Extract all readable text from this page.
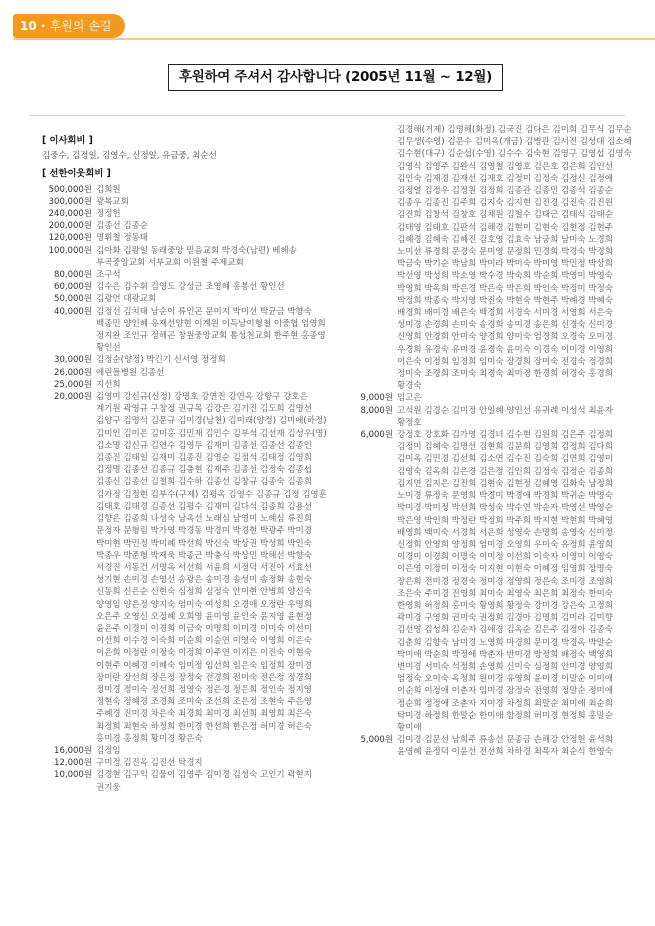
10 · 후원의 손길
후원하여 주셔서 감사합니다 (2005년 11월 ~ 12월)
[ 이사회비 ]
김중수, 김정일, 김영수, 신정일, 유금중, 최순선
[ 선한이웃회비 ]
500,000원 김희원
300,000원 광복교회
240,000원 정정헌
200,000원 김종선 김종순
120,000원 명휘철 정동태
100,000원 김아화 김왕일 동래중앙 믿음교회 박경숙(남편) 베헤송 부곡중앙교회 서부교회 이원철 주제교회
80,000원 조구석
60,000원 김수은 김수휘 김영도 강성근 조영혜 홍봉선 황인선
50,000원 김광언 대광교회
40,000원 김정선 김치태 남순이 류인곤 문미지 박미선 박균금 박향숙 백종민 양인혜 유재선양현 이계원 이득남이형철 이중협 임영희 정지완 조인규 정해곤 창원중앙교회 톰성천교회 한주현 홍종영 황인선
30,000원 김정순(양정) 박긴기 신서영 정정희
26,000원 에린들병원 김종선
25,000원 지선희
20,000원 김영미 강신규(신정) 강명호 강연진 강연옥 강향구 강호은 계기원 곽영규 구창정 권규목 김강은 김기진 김도희 김명선 김양구 김명석 김문규 김미경(남천) 김미래(양정) 김미애(하정) 김미인 김미은 김미홍 김민재 김민수 김부석 김선재 김성우(명) 김소명 김신규 김연수 김영두 김재미 김종선 김종선 김종인 김종진 김태일 김재미 김종진 김영순 김점석 김태정 김영희 김정명 김종선 김종규 김충현 김재주 김종선 김정숙 김종섭 김종신 김종선 김철희 김수하 김종선 김창규 김종숙 김종희 김가정 김정현 김부수(구제) 김평옥 김영수 김종규 김정 김영훈 김태호 김태경 김종선 김평수 김재미 김다석 김종희 김용선 김향은 김종희 나성숙 남옥선 노래심 남영미 노혜심 류진희 문정자 문형림 박가영 박경동 박경미 박경현 박광주 박미경 박미현 박민정 박미혜 박선희 박신숙 박상권 박성희 박인숙 박종우 박준형 박재욱 박종근 박충식 박상민 박해선 박향숙 서경진 서동건 서명옥 서선희 서윤희 서정덕 서진아 서효선 성기현 손미경 손영선 송광은 송미경 송성미 송정화 송현숙 신동희 신은순 신현숙 심정희 심정숙 안미현 안병희 양신숙 양영임 양은정 양지숙 엄미숙 여성희 오경애 오정란 우명희 오은주 오영신 오정혜 오희영 윤미영 윤인숙 윤지영 윤현정 윤은주 이경미 이경희 이금숙 이명희 이미경 이미숙 이선미 이선희 이수경 이숙희 이순희 이승연 이영숙 이영희 이은숙 이은희 이정란 이정숙 이정희 이주연 이지은 이진숙 이현숙 이현주 이혜경 이혜숙 임미정 임선희 임은숙 임정희 장미경 장미란 장선희 장은정 장정숙 전경희 전미숙 전은정 정경희 정미경 정미숙 정선희 정영숙 정은경 정은희 정인숙 정지영 정현숙 정혜경 조경희 조미숙 조선희 조은정 조현숙 주은영 주혜경 진미경 차은숙 최경희 최미경 최선희 최영희 최은숙 최정희 최현숙 하정희 한미경 한선희 한은정 허미경 허은숙 홍미경 홍정희 황미경 황은숙
16,000원 김정임
12,000원 구미정 김진옥 김진선 탁경지
10,000원 김경현 김구익 김물이 김영주 김미경 김성숙 고인기 곽현지 권기웅
김경해(거제) 김명해(화정) 김국진 김다은 김미희 김무식 김무순 김무생(수영) 김문수 김미옥(개금) 김병관 김서진 김성대 김소혜 김수현(대구) 김순섭(수영) 김수수 김숙현 김영구 김영섭 김영숙 김영식 김영주 김완식 김영철 김영호 김은호 김은희 김인선 김인숙 김재경 김재선 김재호 김정미 김정숙 김정신 김정애 김정열 김정우 김정원 김정희 김종관 김종민 김종석 김종순 김종우 김종진 김주희 김지숙 김지현 김진경 김진숙 김진원 김진희 김창석 김창호 김채원 김철수 김태근 김태식 김태순 김태영 김태호 김판석 김해경 김현미 김현숙 김현정 김현주 김혜경 김혜숙 김혜진 김호영 김효숙 남궁희 남미숙 노경희 노미선 류경희 문경숙 문미영 문정희 민경희 박경숙 박경희 박금숙 박기순 박남희 박미라 박미숙 박미영 박민정 박상희 박선영 박성희 박소영 박수경 박숙희 박순희 박영미 박영숙 박영희 박옥희 박은경 박은숙 박은희 박인숙 박정미 박정숙 박정희 박종숙 박지영 박진숙 박현숙 박현주 박혜경 박혜숙 배경희 배미경 배은숙 백경희 서경숙 서미경 서영희 서은숙 성미경 손경희 손미숙 송경희 송미경 송은희 신경숙 신미경 신영희 안경희 안미숙 양경희 양미숙 엄경희 오경숙 오미경 우경희 유경숙 유미경 윤경숙 윤미숙 이경숙 이미경 이영희 이은숙 이정희 임경희 임미숙 장경희 장미숙 전경숙 정경희 정미숙 조경희 조미숙 최경숙 최미경 한경희 허경숙 홍경희 황경숙
9,000원 임고은
8,000원 고석원 김경순 김미정 안일혜 양인선 유귀례 이성석 최윤자 황정호
6,000원 강정호 강호화 김가영 김경녀 김수현 김원희 김은주 김정희 김정미 김혜숙 김명선 김현희 김문희 김영희 김정희 김다희 김미옥 김민경 김선희 김소연 김수진 김숙희 김연희 김영미 김영숙 김옥희 김은경 김은정 김인희 김정숙 김정순 김종희 김지연 김지은 김진희 김현숙 김현정 김혜영 김화숙 남정희 노미경 류정숙 문영희 박경미 박경애 박경희 박귀순 박명숙 박미경 박미정 박선희 박성숙 박수연 박순자 박영선 박영순 박은영 박인희 박정란 박정희 박주희 박지현 박현희 박혜영 배영희 백미숙 서경희 서은희 성영숙 손명희 송영숙 신미정 신정희 안영희 양정희 엄미경 오영희 우미숙 유정희 윤영희 이경미 이경희 이명숙 이미정 이선희 이숙자 이영미 이영숙 이은영 이정미 이정숙 이지현 이현숙 이혜정 임영희 장명숙 장은희 전미경 정경숙 정미경 정영희 정은숙 조미경 조영희 조은숙 주미경 진영희 최미숙 최영숙 최은희 최정숙 한미숙 한영희 허정희 홍미숙 황영희 황정숙 강미경 강은숙 고정희 곽미경 구영희 권미숙 권정희 김경아 김명희 김미라 김미향 김선영 김성희 김순자 김애경 김옥순 김은주 김정아 김종숙 김춘희 김향숙 남미경 노영희 마경희 문미경 박경옥 박말순 박미애 박순희 박정애 박춘자 반미경 방정희 배정숙 백영희 변미경 서미숙 석정희 손영희 신미숙 심정희 안미경 양영희 엄정숙 오미숙 옥정희 원미경 유영희 윤미경 이말순 이미애 이순희 이정애 이춘자 임미경 장정숙 전영희 정말순 정미애 정순희 정정애 조춘자 지미경 차정희 최말순 최미애 최순희 탁미경 하정희 한말순 한미애 함정희 허미경 현정희 홍말순 황미애
5,000원 김미경 김문선 남희주 류송선 문종금 손해강 안정헌 윤석희 윤영혜 윤정덕 이윤선 전선희 차하경 최목자 최순식 한영숙
